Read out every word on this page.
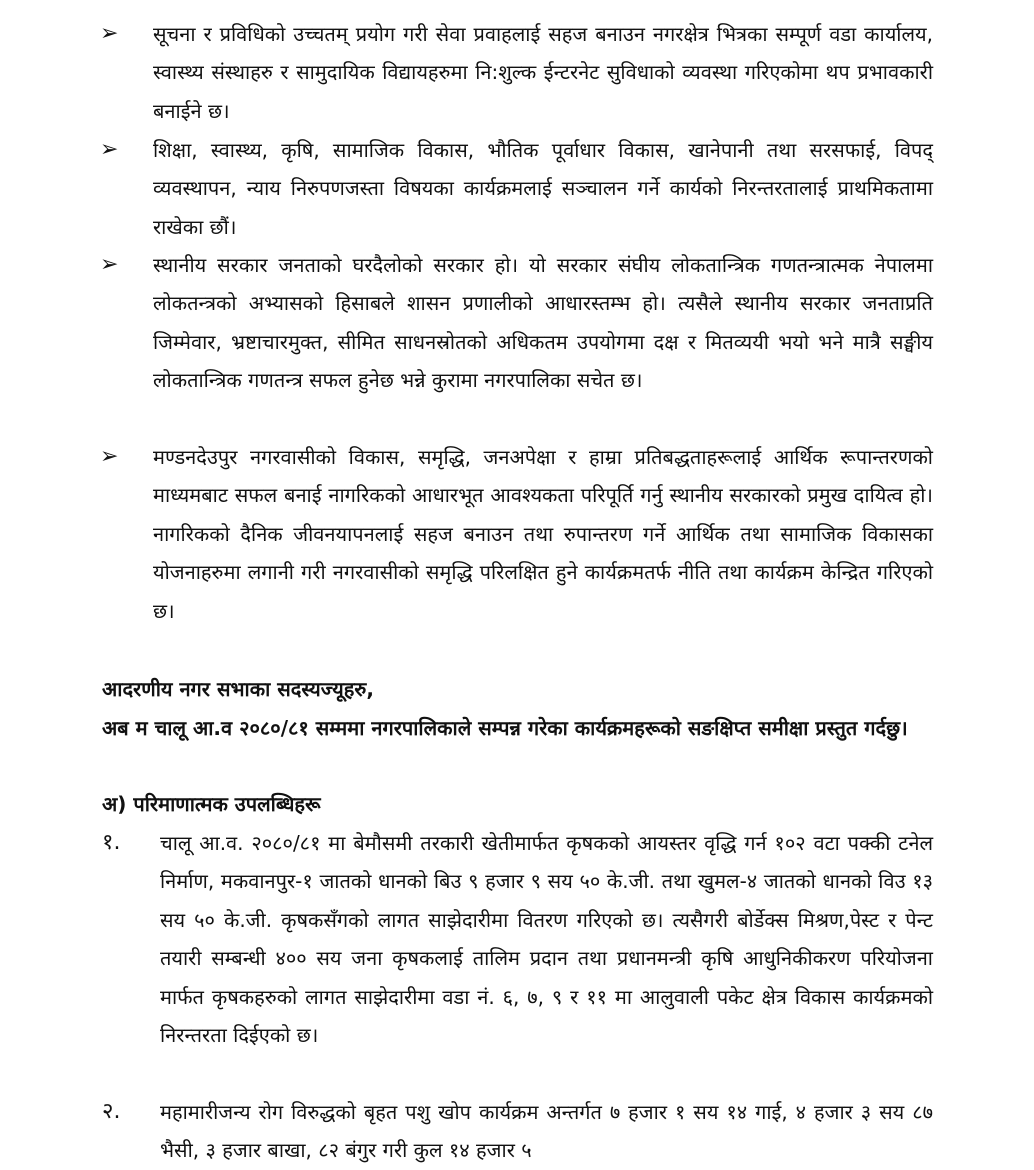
➢	सूचना र प्रविधिको उच्चतम् प्रयोग गरी सेवा प्रवाहलाई सहज बनाउन नगरक्षेत्र भित्रका सम्पूर्ण वडा कार्यालय, स्वास्थ्य संस्थाहरु र सामुदायिक विद्यायहरुमा नि:शुल्क ईन्टरनेट सुविधाको व्यवस्था गरिएकोमा थप प्रभावकारी बनाईने छ।
➢	शिक्षा, स्वास्थ्य, कृषि, सामाजिक विकास, भौतिक पूर्वाधार विकास, खानेपानी तथा सरसफाई, विपद् व्यवस्थापन, न्याय निरुपणजस्ता विषयका कार्यक्रमलाई सञ्चालन गर्ने कार्यको निरन्तरतालाई प्राथमिकतामा राखेका छौं।
➢	स्थानीय सरकार जनताको घरदैलोको सरकार हो। यो सरकार संघीय लोकतान्त्रिक गणतन्त्रात्मक नेपालमा लोकतन्त्रको अभ्यासको हिसाबले शासन प्रणालीको आधारस्तम्भ हो। त्यसैले स्थानीय सरकार जनताप्रति जिम्मेवार, भ्रष्टाचारमुक्त, सीमित साधनस्रोतको अधिकतम उपयोगमा दक्ष र मितव्ययी भयो भने मात्रै सङ्घीय लोकतान्त्रिक गणतन्त्र सफल हुनेछ भन्ने कुरामा नगरपालिका सचेत छ।
➢	मण्डनदेउपुर नगरवासीको विकास, समृद्धि, जनअपेक्षा र हाम्रा प्रतिबद्धताहरूलाई आर्थिक रूपान्तरणको माध्यमबाट सफल बनाई नागरिकको आधारभूत आवश्यकता परिपूर्ति गर्नु स्थानीय सरकारको प्रमुख दायित्व हो। नागरिकको दैनिक जीवनयापनलाई सहज बनाउन तथा रुपान्तरण गर्ने आर्थिक तथा सामाजिक विकासका योजनाहरुमा लगानी गरी नगरवासीको समृद्धि परिलक्षित हुने कार्यक्रमतर्फ नीति तथा कार्यक्रम केन्द्रित गरिएको छ।
आदरणीय नगर सभाका सदस्यज्यूहरु,
अब म चालू आ.व २०८०/८१ सम्ममा नगरपालिकाले सम्पन्न गरेका कार्यक्रमहरूको सङक्षिप्त समीक्षा प्रस्तुत गर्दछु।
अ) परिमाणात्मक उपलब्धिहरू
१.	चालू आ.व. २०८०/८१ मा बेमौसमी तरकारी खेतीमार्फत कृषकको आयस्तर वृद्धि गर्न १०२ वटा पक्की टनेल निर्माण, मकवानपुर-१ जातको धानको बिउ ९ हजार ९ सय ५० के.जी. तथा खुमल-४ जातको धानको विउ १३ सय ५० के.जी. कृषकसँगको लागत साझेदारीमा वितरण गरिएको छ। त्यसैगरी बोर्डेक्स मिश्रण,पेस्ट र पेन्ट तयारी सम्बन्धी ४०० सय जना कृषकलाई तालिम प्रदान तथा प्रधानमन्त्री कृषि आधुनिकीकरण परियोजना मार्फत कृषकहरुको लागत साझेदारीमा वडा नं. ६, ७, ९ र ११ मा आलुवाली पकेट क्षेत्र विकास कार्यक्रमको निरन्तरता दिईएको छ।
२.	महामारीजन्य रोग विरुद्धको बृहत पशु खोप कार्यक्रम अन्तर्गत ७ हजार १ सय १४ गाई, ४ हजार ३ सय ८७ भैसी, ३ हजार बाखा, ८२ बंगुर गरी कुल १४ हजार ५
